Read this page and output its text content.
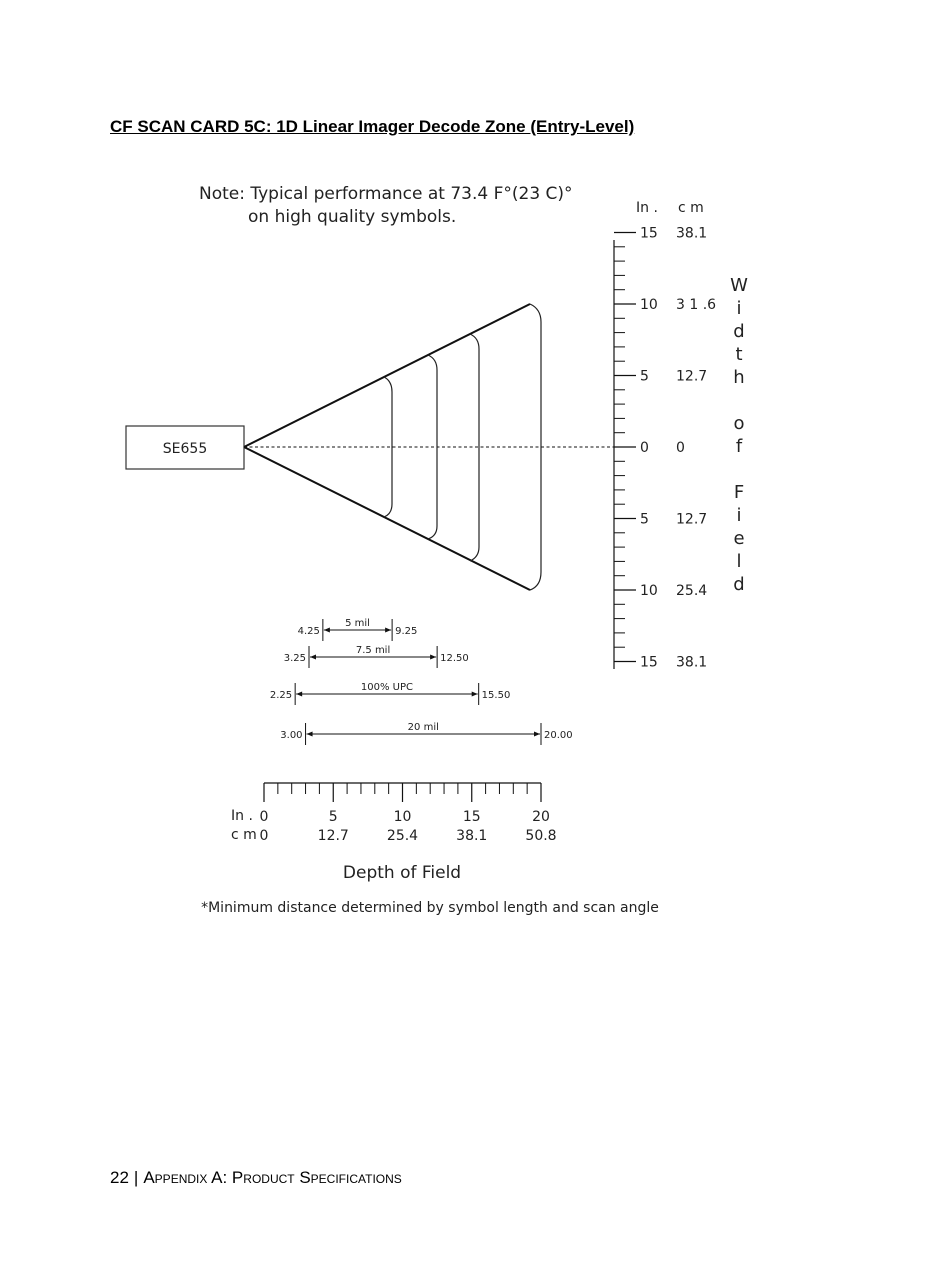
CF SCAN CARD 5C: 1D Linear Imager Decode Zone (Entry-Level)
Note: Typical performance at 73.4 F°(23 C)°
on high quality symbols.
SE655
15 38.1
10 3 1 .6
5 12.7
0 0
5 12.7
10 25.4
15 38.1
In . c m
W
i
d
t
h
o
f
F
i
e
l
d
5 mil
4.25	9.25
7.5 mil
3.25	12.50
100% UPC
2.25	15.50
20 mil
3.00	20.00
0	5	10	15	20
0	12.7	25.4	38.1	50.8
In .
c m
Depth of Field
*Minimum distance determined by symbol length and scan angle
22 | Appendix A: Product Specifications
